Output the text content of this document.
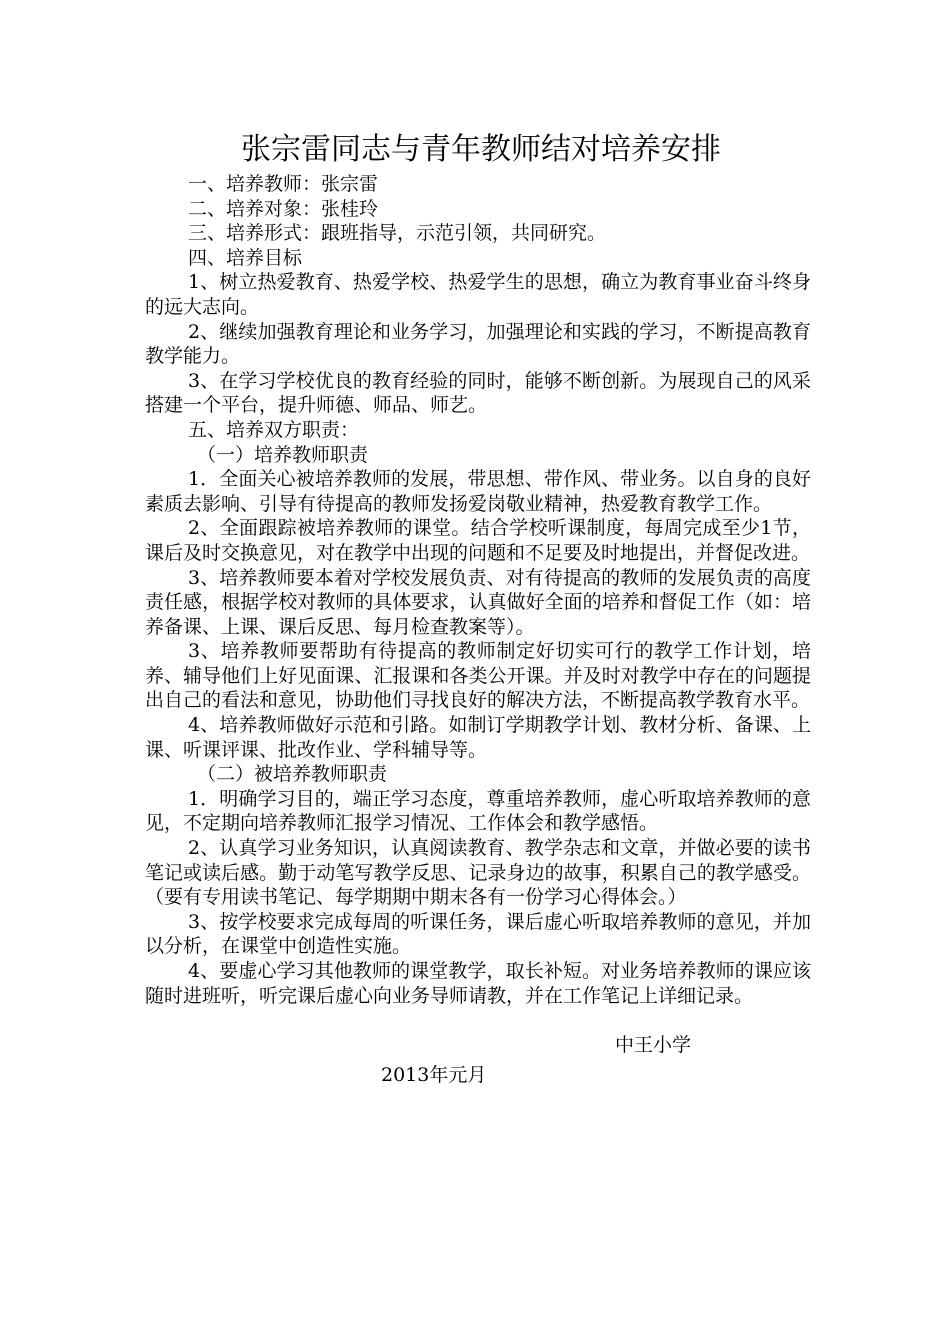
张宗雷同志与青年教师结对培养安排

一、培养教师：张宗雷

二、培养对象：张桂玲

三、培养形式：跟班指导，示范引领，共同研究。

四、培养目标

1、树立热爱教育、热爱学校、热爱学生的思想，确立为教育事业奋斗终身的远大志向。

2、继续加强教育理论和业务学习，加强理论和实践的学习，不断提高教育教学能力。

3、在学习学校优良的教育经验的同时，能够不断创新。为展现自己的风采搭建一个平台，提升师德、师品、师艺。

五、培养双方职责：

（一）培养教师职责

1．全面关心被培养教师的发展，带思想、带作风、带业务。以自身的良好素质去影响、引导有待提高的教师发扬爱岗敬业精神，热爱教育教学工作。

2、全面跟踪被培养教师的课堂。结合学校听课制度，每周完成至少1节，课后及时交换意见，对在教学中出现的问题和不足要及时地提出，并督促改进。

3、培养教师要本着对学校发展负责、对有待提高的教师的发展负责的高度责任感，根据学校对教师的具体要求，认真做好全面的培养和督促工作（如：培养备课、上课、课后反思、每月检查教案等）。

3、培养教师要帮助有待提高的教师制定好切实可行的教学工作计划，培养、辅导他们上好见面课、汇报课和各类公开课。并及时对教学中存在的问题提出自己的看法和意见，协助他们寻找良好的解决方法，不断提高教学教育水平。

4、培养教师做好示范和引路。如制订学期教学计划、教材分析、备课、上课、听课评课、批改作业、学科辅导等。

（二）被培养教师职责

1．明确学习目的，端正学习态度，尊重培养教师，虚心听取培养教师的意见，不定期向培养教师汇报学习情况、工作体会和教学感悟。

2、认真学习业务知识，认真阅读教育、教学杂志和文章，并做必要的读书笔记或读后感。勤于动笔写教学反思、记录身边的故事，积累自己的教学感受。（要有专用读书笔记、每学期期中期末各有一份学习心得体会。）

3、按学校要求完成每周的听课任务，课后虚心听取培养教师的意见，并加以分析，在课堂中创造性实施。

4、要虚心学习其他教师的课堂教学，取长补短。对业务培养教师的课应该随时进班听，听完课后虚心向业务导师请教，并在工作笔记上详细记录。

中王小学

2013年元月
